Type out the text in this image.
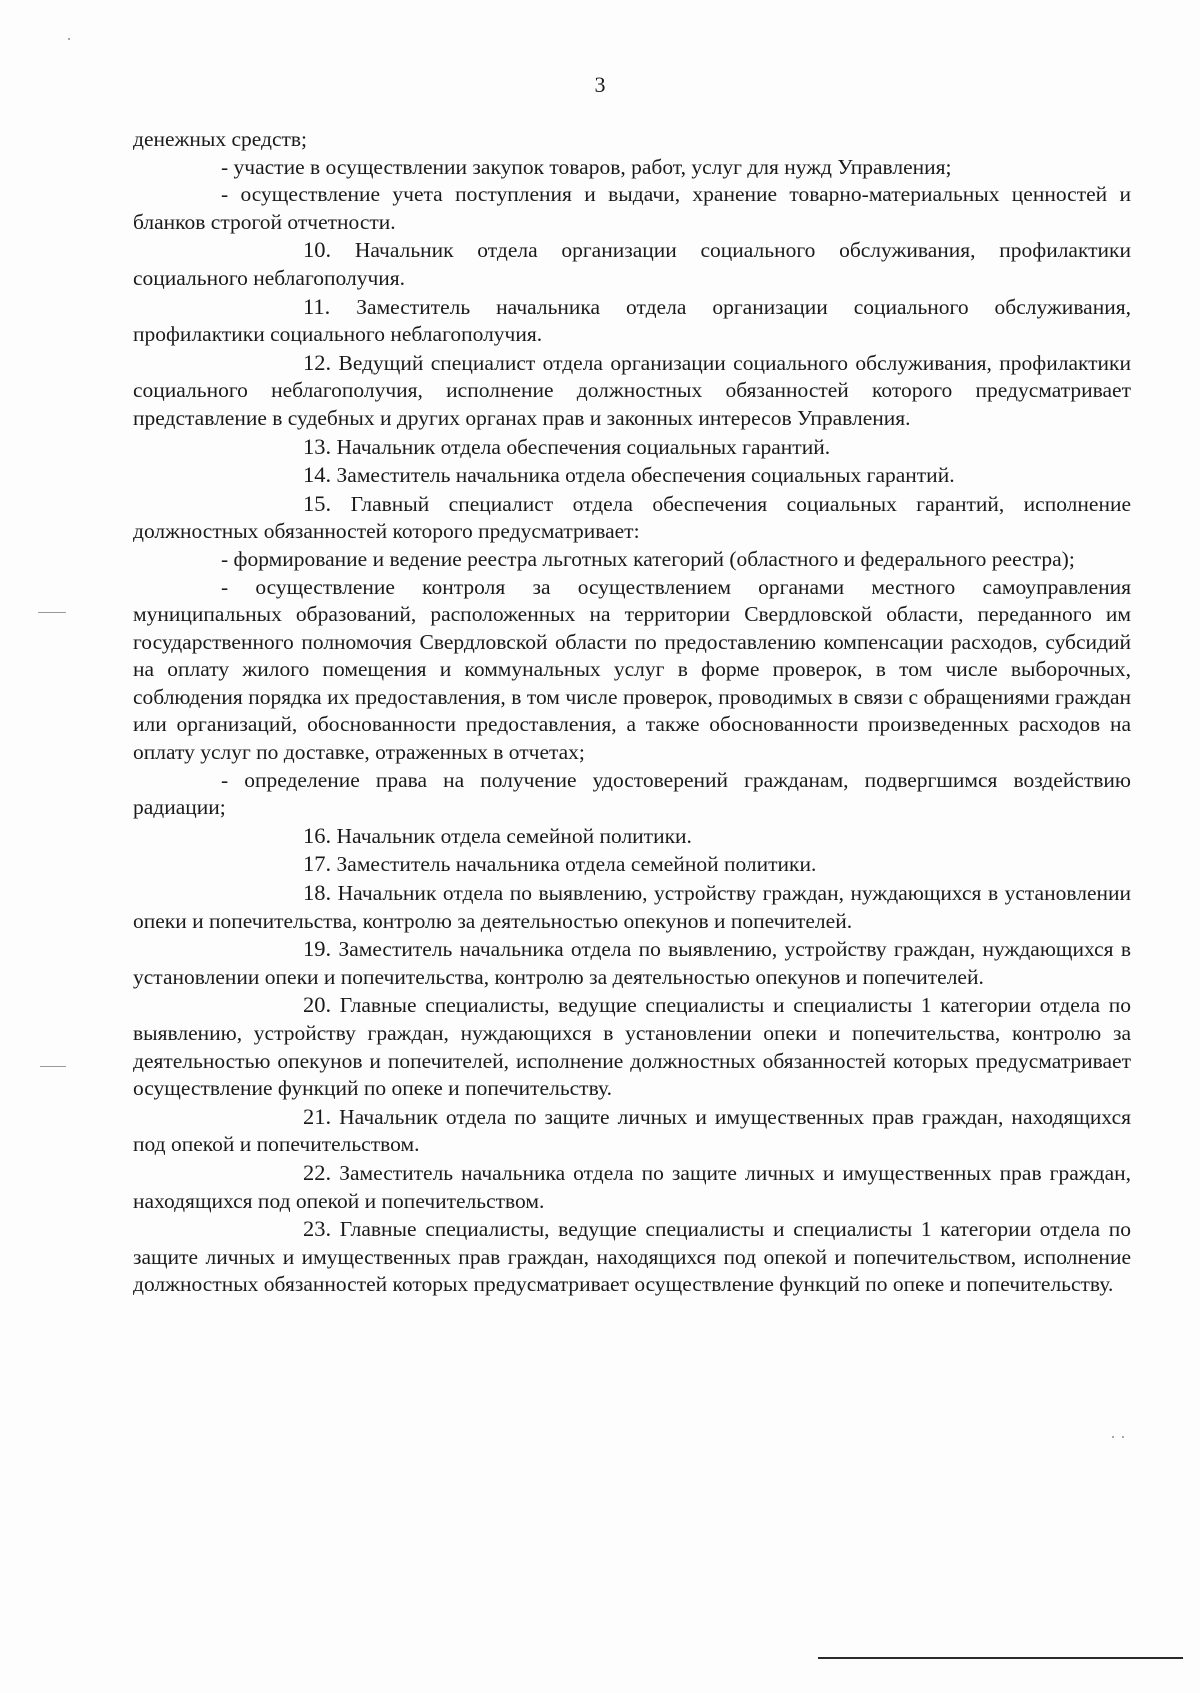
3

денежных средств;

- участие в осуществлении закупок товаров, работ, услуг для нужд Управления;

- осуществление учета поступления и выдачи, хранение товарно-материальных ценностей и бланков строгой отчетности.

10. Начальник отдела организации социального обслуживания, профилактики социального неблагополучия.

11. Заместитель начальника отдела организации социального обслуживания, профилактики социального неблагополучия.

12. Ведущий специалист отдела организации социального обслуживания, профилактики социального неблагополучия, исполнение должностных обязанностей которого предусматривает представление в судебных и других органах прав и законных интересов Управления.

13. Начальник отдела обеспечения социальных гарантий.

14. Заместитель начальника отдела обеспечения социальных гарантий.

15. Главный специалист отдела обеспечения социальных гарантий, исполнение должностных обязанностей которого предусматривает:

- формирование и ведение реестра льготных категорий (областного и федерального реестра);

- осуществление контроля за осуществлением органами местного самоуправления муниципальных образований, расположенных на территории Свердловской области, переданного им государственного полномочия Свердловской области по предоставлению компенсации расходов, субсидий на оплату жилого помещения и коммунальных услуг в форме проверок, в том числе выборочных, соблюдения порядка их предоставления, в том числе проверок, проводимых в связи с обращениями граждан или организаций, обоснованности предоставления, а также обоснованности произведенных расходов на оплату услуг по доставке, отраженных в отчетах;

- определение права на получение удостоверений гражданам, подвергшимся воздействию радиации;

16. Начальник отдела семейной политики.

17. Заместитель начальника отдела семейной политики.

18. Начальник отдела по выявлению, устройству граждан, нуждающихся в установлении опеки и попечительства, контролю за деятельностью опекунов и попечителей.

19. Заместитель начальника отдела по выявлению, устройству граждан, нуждающихся в установлении опеки и попечительства, контролю за деятельностью опекунов и попечителей.

20. Главные специалисты, ведущие специалисты и специалисты 1 категории отдела по выявлению, устройству граждан, нуждающихся в установлении опеки и попечительства, контролю за деятельностью опекунов и попечителей, исполнение должностных обязанностей которых предусматривает осуществление функций по опеке и попечительству.

21. Начальник отдела по защите личных и имущественных прав граждан, находящихся под опекой и попечительством.

22. Заместитель начальника отдела по защите личных и имущественных прав граждан, находящихся под опекой и попечительством.

23. Главные специалисты, ведущие специалисты и специалисты 1 категории отдела по защите личных и имущественных прав граждан, находящихся под опекой и попечительством, исполнение должностных обязанностей которых предусматривает осуществление функций по опеке и попечительству.
